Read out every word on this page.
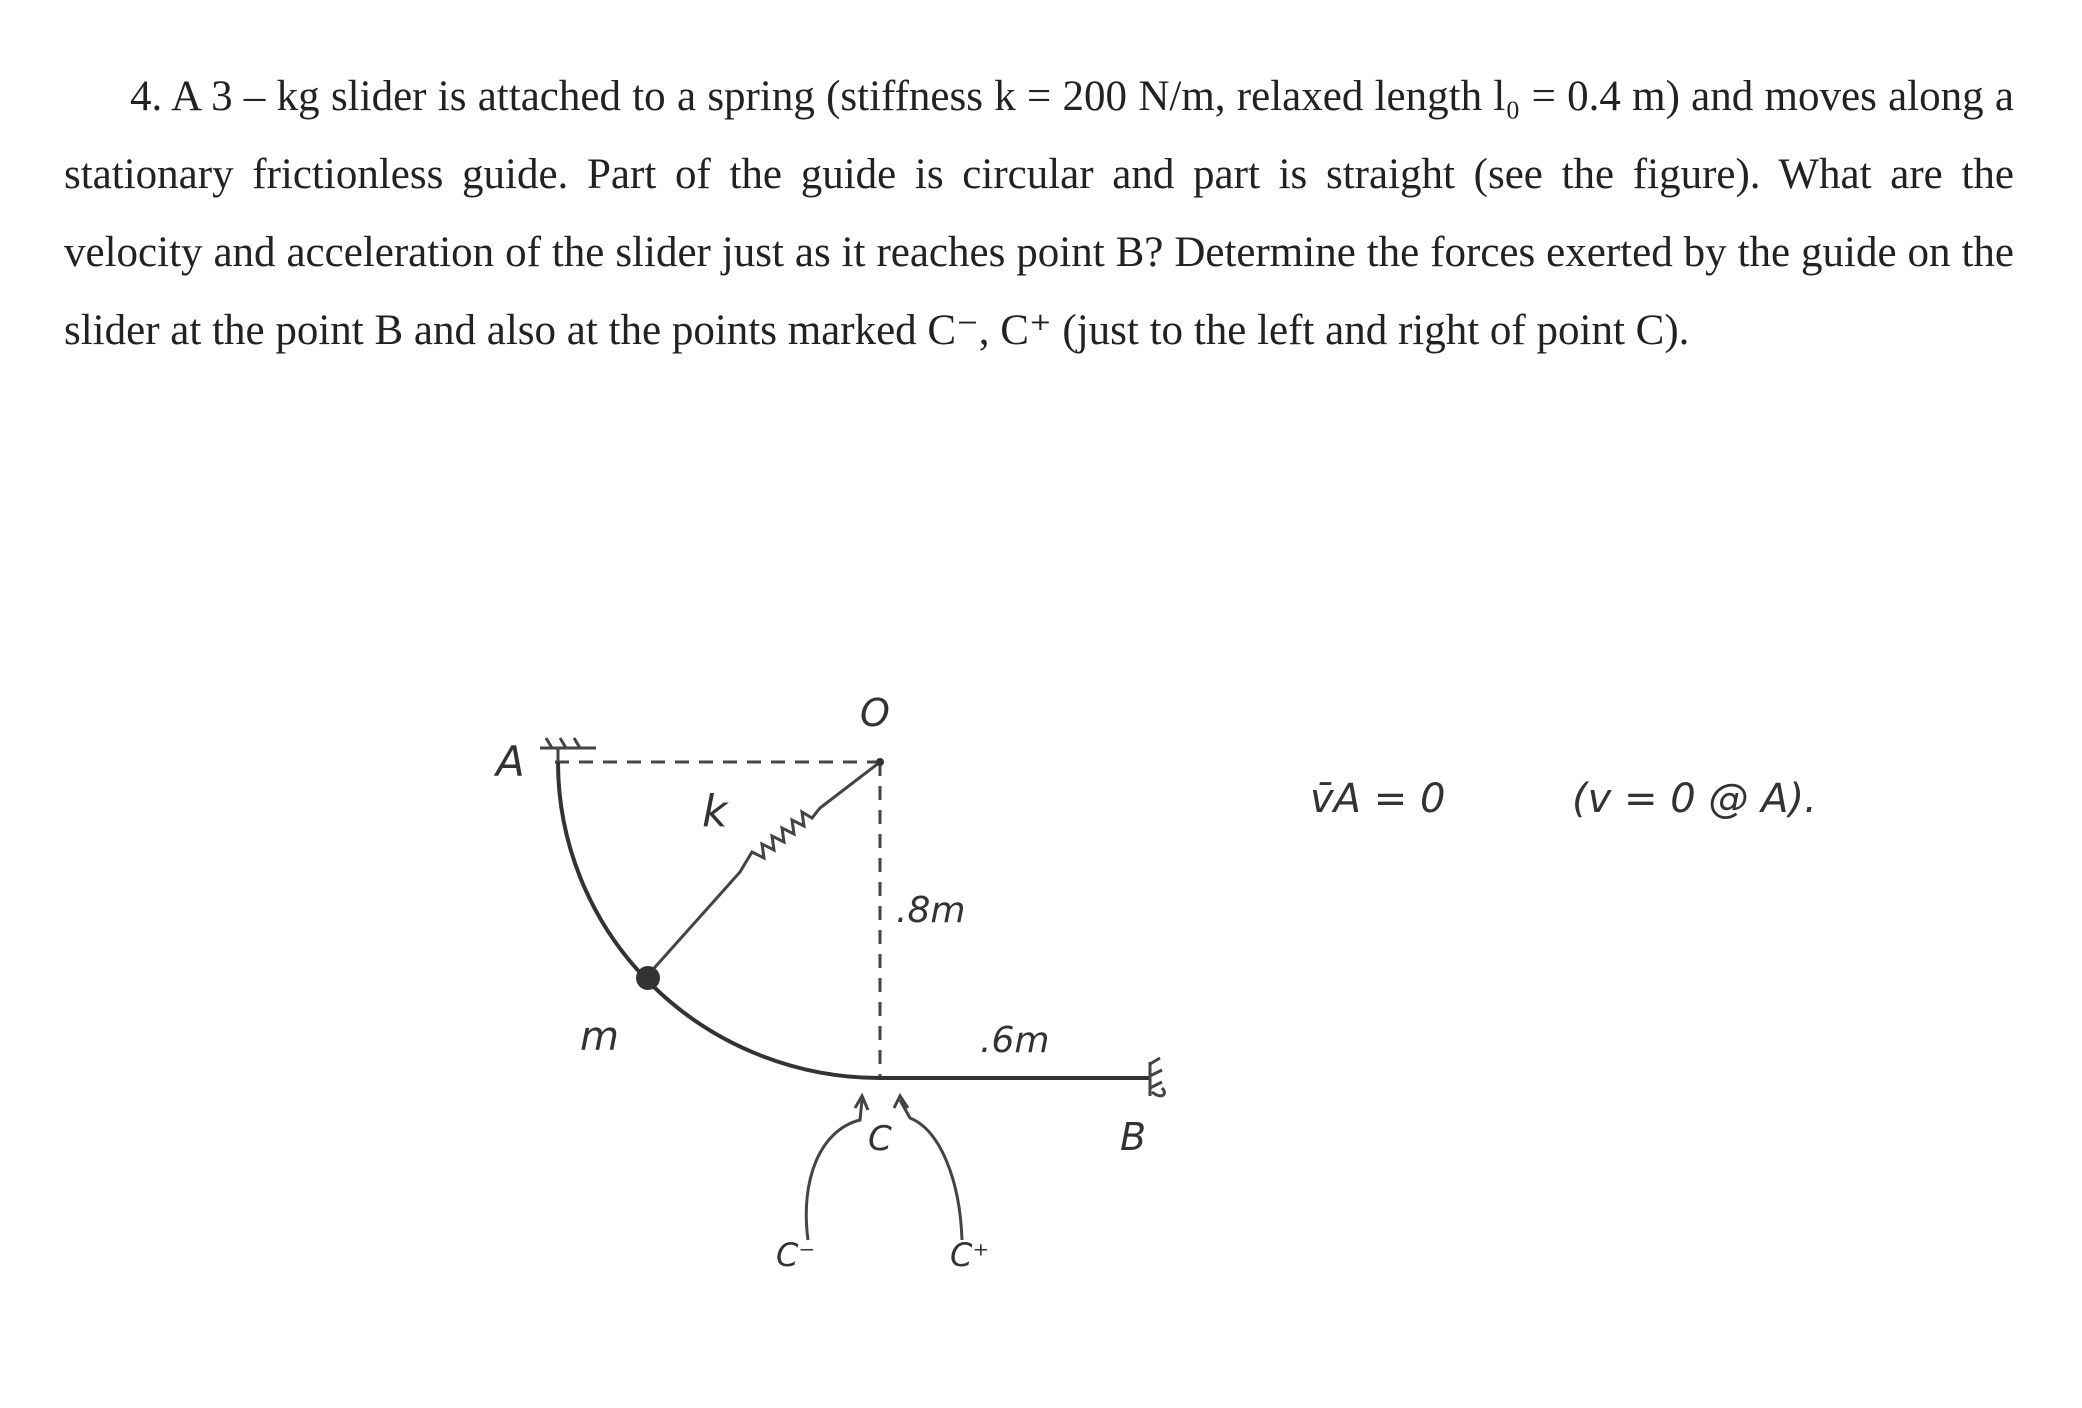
4. A 3 – kg slider is attached to a spring (stiffness k = 200 N/m, relaxed length l₀ = 0.4 m) and moves along a stationary frictionless guide. Part of the guide is circular and part is straight (see the figure). What are the velocity and acceleration of the slider just as it reaches point B? Determine the forces exerted by the guide on the slider at the point B and also at the points marked C⁻, C⁺ (just to the left and right of point C).
A
O
k
m
.8m
.6m
B
C
C⁻	C⁺
v̄A = 0	(v = 0 @ A).
